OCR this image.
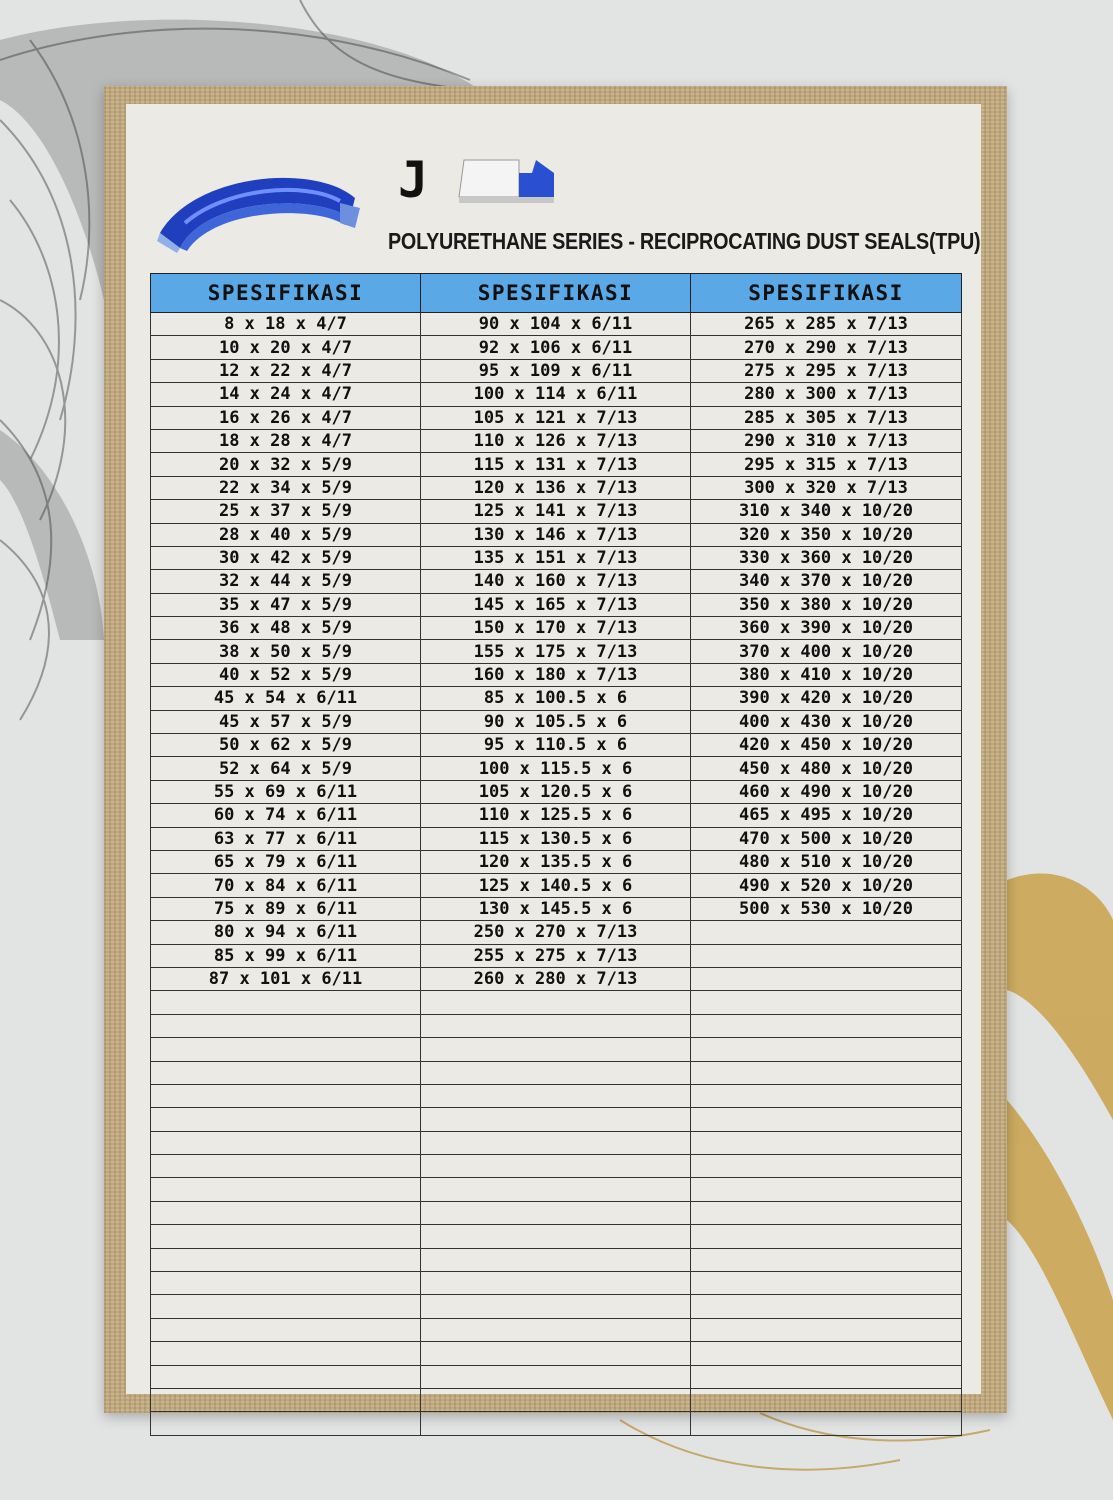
J
POLYURETHANE SERIES - RECIPROCATING DUST SEALS(TPU)
SPESIFIKASI	SPESIFIKASI	SPESIFIKASI
8 x 18 x 4/7	90 x 104 x 6/11	265 x 285 x 7/13
10 x 20 x 4/7	92 x 106 x 6/11	270 x 290 x 7/13
12 x 22 x 4/7	95 x 109 x 6/11	275 x 295 x 7/13
14 x 24 x 4/7	100 x 114 x 6/11	280 x 300 x 7/13
16 x 26 x 4/7	105 x 121 x 7/13	285 x 305 x 7/13
18 x 28 x 4/7	110 x 126 x 7/13	290 x 310 x 7/13
20 x 32 x 5/9	115 x 131 x 7/13	295 x 315 x 7/13
22 x 34 x 5/9	120 x 136 x 7/13	300 x 320 x 7/13
25 x 37 x 5/9	125 x 141 x 7/13	310 x 340 x 10/20
28 x 40 x 5/9	130 x 146 x 7/13	320 x 350 x 10/20
30 x 42 x 5/9	135 x 151 x 7/13	330 x 360 x 10/20
32 x 44 x 5/9	140 x 160 x 7/13	340 x 370 x 10/20
35 x 47 x 5/9	145 x 165 x 7/13	350 x 380 x 10/20
36 x 48 x 5/9	150 x 170 x 7/13	360 x 390 x 10/20
38 x 50 x 5/9	155 x 175 x 7/13	370 x 400 x 10/20
40 x 52 x 5/9	160 x 180 x 7/13	380 x 410 x 10/20
45 x 54 x 6/11	85 x 100.5 x 6	390 x 420 x 10/20
45 x 57 x 5/9	90 x 105.5 x 6	400 x 430 x 10/20
50 x 62 x 5/9	95 x 110.5 x 6	420 x 450 x 10/20
52 x 64 x 5/9	100 x 115.5 x 6	450 x 480 x 10/20
55 x 69 x 6/11	105 x 120.5 x 6	460 x 490 x 10/20
60 x 74 x 6/11	110 x 125.5 x 6	465 x 495 x 10/20
63 x 77 x 6/11	115 x 130.5 x 6	470 x 500 x 10/20
65 x 79 x 6/11	120 x 135.5 x 6	480 x 510 x 10/20
70 x 84 x 6/11	125 x 140.5 x 6	490 x 520 x 10/20
75 x 89 x 6/11	130 x 145.5 x 6	500 x 530 x 10/20
80 x 94 x 6/11	250 x 270 x 7/13	
85 x 99 x 6/11	255 x 275 x 7/13	
87 x 101 x 6/11	260 x 280 x 7/13	
